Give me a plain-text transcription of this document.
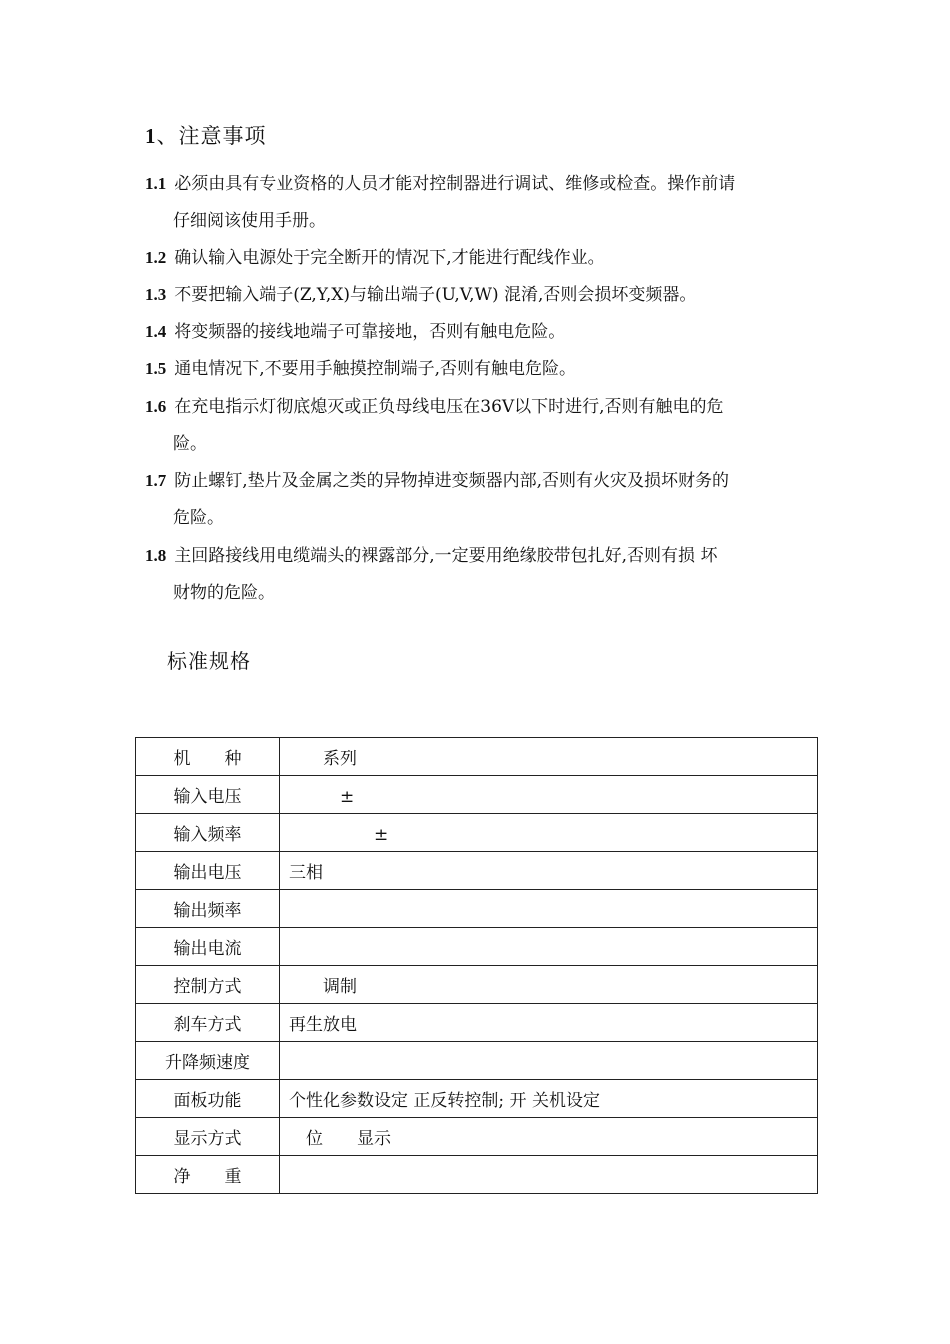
1、注意事项
1.1 必须由具有专业资格的人员才能对控制器进行调试、维修或检查。操作前请
仔细阅该使用手册。
1.2 确认输入电源处于完全断开的情况下,才能进行配线作业。
1.3 不要把输入端子(Z,Y,X)与输出端子(U,V,W) 混淆,否则会损坏变频器。
1.4 将变频器的接线地端子可靠接地，否则有触电危险。
1.5 通电情况下,不要用手触摸控制端子,否则有触电危险。
1.6 在充电指示灯彻底熄灭或正负母线电压在36V以下时进行,否则有触电的危
险。
1.7 防止螺钉,垫片及金属之类的异物掉进变频器内部,否则有火灾及损坏财务的
危险。
1.8 主回路接线用电缆端头的裸露部分,一定要用绝缘胶带包扎好,否则有损 坏
财物的危险。
标准规格
机　　种	　　系列
输入电压	　　　±
输入频率	　　　　　±
输出电压	三相
输出频率	
输出电流	
控制方式	　　调制
刹车方式	再生放电
升降频速度	
面板功能	个性化参数设定 正反转控制; 开 关机设定
显示方式	　位　　显示
净　　重	
